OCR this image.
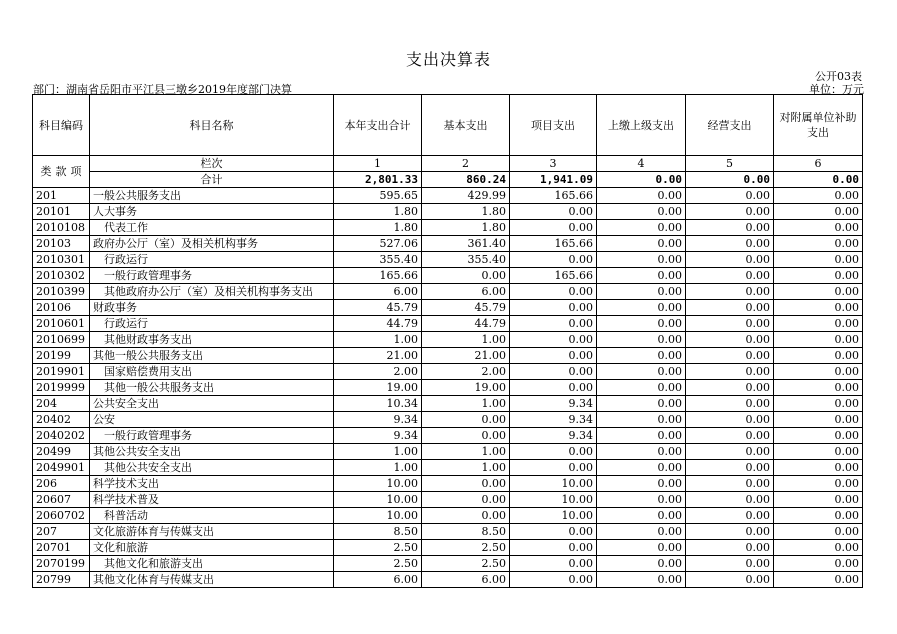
支出决算表
公开03表
部门：湖南省岳阳市平江县三墩乡2019年度部门决算	单位：万元
科目编码	科目名称	本年支出合计	基本支出	项目支出	上缴上级支出	经营支出	对附属单位补助支出
类 款 项	栏次	1	2	3	4	5	6
	合计	2,801.33	860.24	1,941.09	0.00	0.00	0.00
201	一般公共服务支出	595.65	429.99	165.66	0.00	0.00	0.00
20101	人大事务	1.80	1.80	0.00	0.00	0.00	0.00
2010108	代表工作	1.80	1.80	0.00	0.00	0.00	0.00
20103	政府办公厅（室）及相关机构事务	527.06	361.40	165.66	0.00	0.00	0.00
2010301	行政运行	355.40	355.40	0.00	0.00	0.00	0.00
2010302	一般行政管理事务	165.66	0.00	165.66	0.00	0.00	0.00
2010399	其他政府办公厅（室）及相关机构事务支出	6.00	6.00	0.00	0.00	0.00	0.00
20106	财政事务	45.79	45.79	0.00	0.00	0.00	0.00
2010601	行政运行	44.79	44.79	0.00	0.00	0.00	0.00
2010699	其他财政事务支出	1.00	1.00	0.00	0.00	0.00	0.00
20199	其他一般公共服务支出	21.00	21.00	0.00	0.00	0.00	0.00
2019901	国家赔偿费用支出	2.00	2.00	0.00	0.00	0.00	0.00
2019999	其他一般公共服务支出	19.00	19.00	0.00	0.00	0.00	0.00
204	公共安全支出	10.34	1.00	9.34	0.00	0.00	0.00
20402	公安	9.34	0.00	9.34	0.00	0.00	0.00
2040202	一般行政管理事务	9.34	0.00	9.34	0.00	0.00	0.00
20499	其他公共安全支出	1.00	1.00	0.00	0.00	0.00	0.00
2049901	其他公共安全支出	1.00	1.00	0.00	0.00	0.00	0.00
206	科学技术支出	10.00	0.00	10.00	0.00	0.00	0.00
20607	科学技术普及	10.00	0.00	10.00	0.00	0.00	0.00
2060702	科普活动	10.00	0.00	10.00	0.00	0.00	0.00
207	文化旅游体育与传媒支出	8.50	8.50	0.00	0.00	0.00	0.00
20701	文化和旅游	2.50	2.50	0.00	0.00	0.00	0.00
2070199	其他文化和旅游支出	2.50	2.50	0.00	0.00	0.00	0.00
20799	其他文化体育与传媒支出	6.00	6.00	0.00	0.00	0.00	0.00
